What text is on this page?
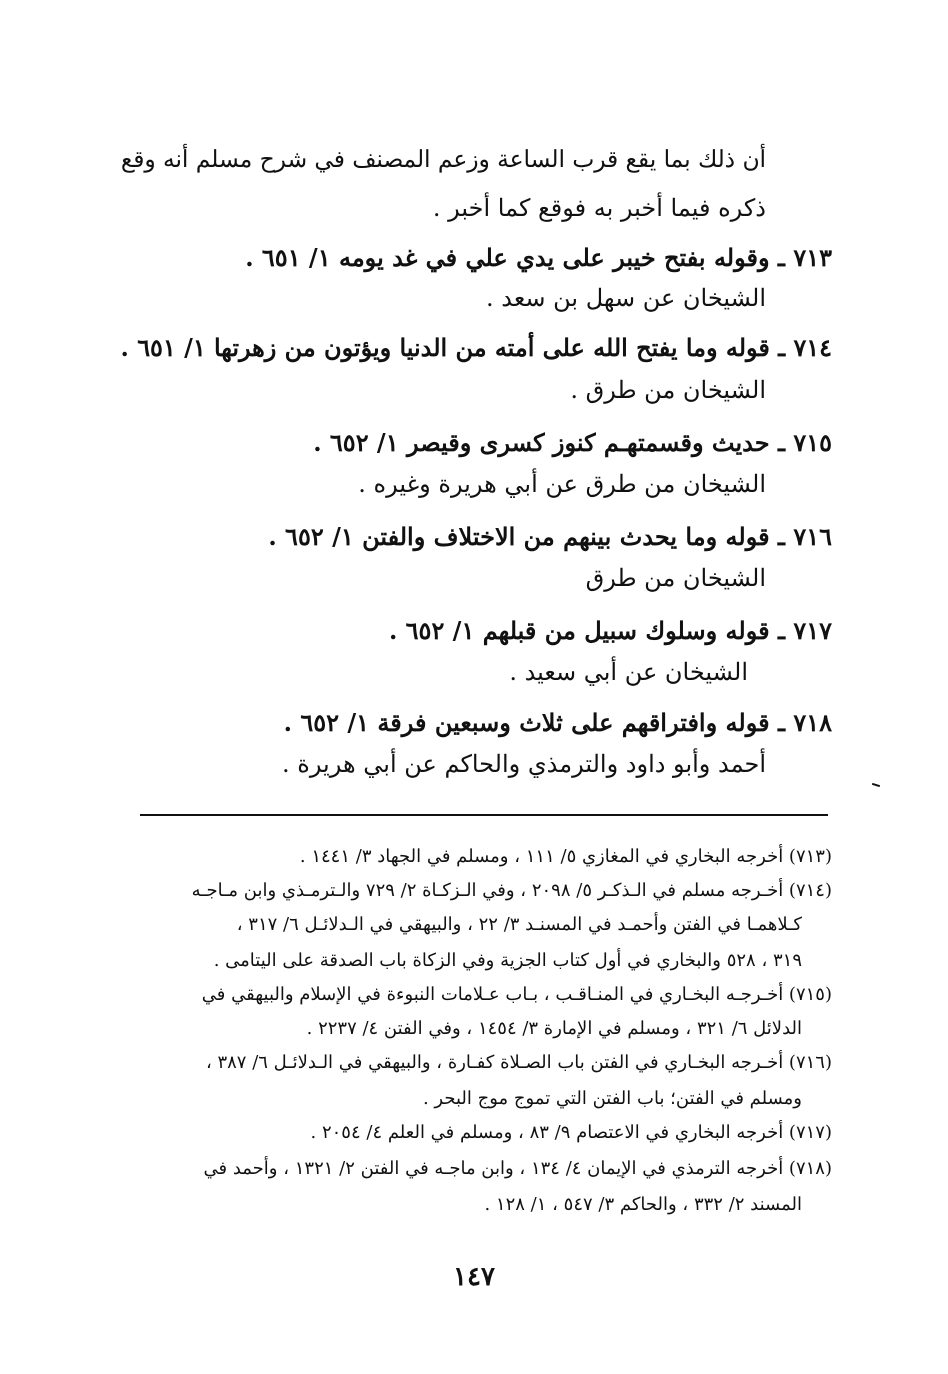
أن ذلك بما يقع قرب الساعة وزعم المصنف في شرح مسلم أنه وقع
ذكره فيما أخبر به فوقع كما أخبر .
٧١٣ ـ وقوله بفتح خيبر على يدي علي في غد يومه ١/ ٦٥١ .
الشيخان عن سهل بن سعد .
٧١٤ ـ قوله وما يفتح الله على أمته من الدنيا ويؤتون من زهرتها ١/ ٦٥١ .
الشيخان من طرق .
٧١٥ ـ حديث وقسمتهـم كنوز كسرى وقيصر ١/ ٦٥٢ .
الشيخان من طرق عن أبي هريرة وغيره .
٧١٦ ـ قوله وما يحدث بينهم من الاختلاف والفتن ١/ ٦٥٢ .
الشيخان من طرق
٧١٧ ـ قوله وسلوك سبيل من قبلهم ١/ ٦٥٢ .
الشيخان عن أبي سعيد .
٧١٨ ـ قوله وافتراقهم على ثلاث وسبعين فرقة ١/ ٦٥٢ .
أحمد وأبو داود والترمذي والحاكم عن أبي هريرة .
(٧١٣) أخرجه البخاري في المغازي ٥/ ١١١ ، ومسلم في الجهاد ٣/ ١٤٤١ .
(٧١٤) أخـرجه مسلم في الـذكـر ٥/ ٢٠٩٨ ، وفي الـزكـاة ٢/ ٧٢٩ والـترمـذي وابن مـاجـه
كـلاهمـا في الفتن وأحمـد في المسنـد ٣/ ٢٢ ، والبيهقي في الـدلائـل ٦/ ٣١٧ ،
٣١٩ ، ٥٢٨ والبخاري في أول كتاب الجزية وفي الزكاة باب الصدقة على اليتامى .
(٧١٥) أخـرجـه البخـاري في المنـاقـب ، بـاب عـلامات النبوءة في الإسلام والبيهقي في
الدلائل ٦/ ٣٢١ ، ومسلم في الإمارة ٣/ ١٤٥٤ ، وفي الفتن ٤/ ٢٢٣٧ .
(٧١٦) أخـرجه البخـاري في الفتن باب الصـلاة كفـارة ، والبيهقي في الـدلائـل ٦/ ٣٨٧ ،
ومسلم في الفتن؛ باب الفتن التي تموج موج البحر .
(٧١٧) أخرجه البخاري في الاعتصام ٩/ ٨٣ ، ومسلم في العلم ٤/ ٢٠٥٤ .
(٧١٨) أخرجه الترمذي في الإيمان ٤/ ١٣٤ ، وابن ماجـه في الفتن ٢/ ١٣٢١ ، وأحمد في
المسند ٢/ ٣٣٢ ، والحاكم ٣/ ٥٤٧ ، ١/ ١٢٨ .
١٤٧
